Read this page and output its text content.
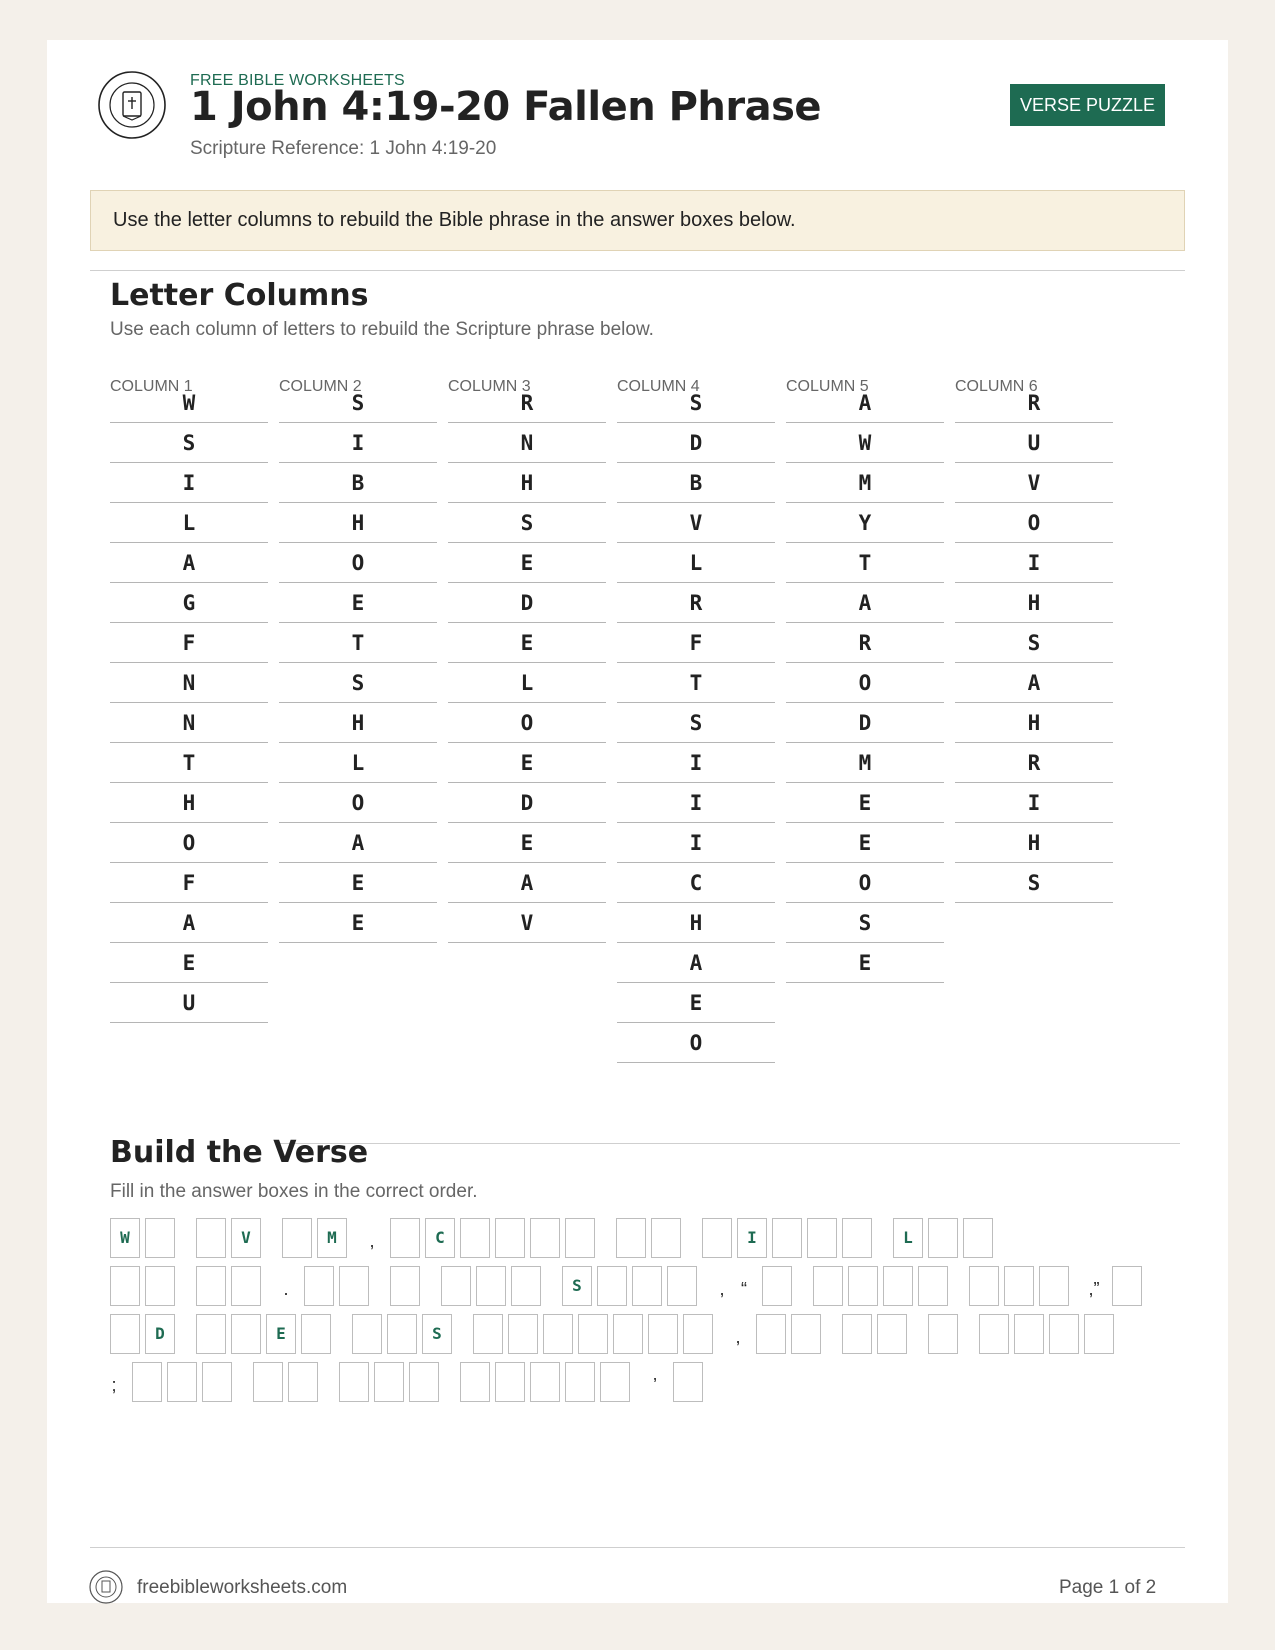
FREE BIBLE WORKSHEETS
1 John 4:19-20 Fallen Phrase
Scripture Reference: 1 John 4:19-20
VERSE PUZZLE
Use the letter columns to rebuild the Bible phrase in the answer boxes below.
Letter Columns
Use each column of letters to rebuild the Scripture phrase below.
COLUMN 1
W
S
I
L
A
G
F
N
N
T
H
O
F
A
E
U
COLUMN 2
S
I
B
H
O
E
T
S
H
L
O
A
E
E
COLUMN 3
R
N
H
S
E
D
E
L
O
E
D
E
A
V
COLUMN 4
S
D
B
V
L
R
F
T
S
I
I
I
C
H
A
E
O
COLUMN 5
A
W
M
Y
T
A
R
O
D
M
E
E
O
S
E
COLUMN 6
R
U
V
O
I
H
S
A
H
R
I
H
S
Build the Verse
Fill in the answer boxes in the correct order.
W	V	M	,	C	I	L
.	S	, “	,”
D	E	S	,
;	’
freebibleworksheets.com	Page 1 of 2
